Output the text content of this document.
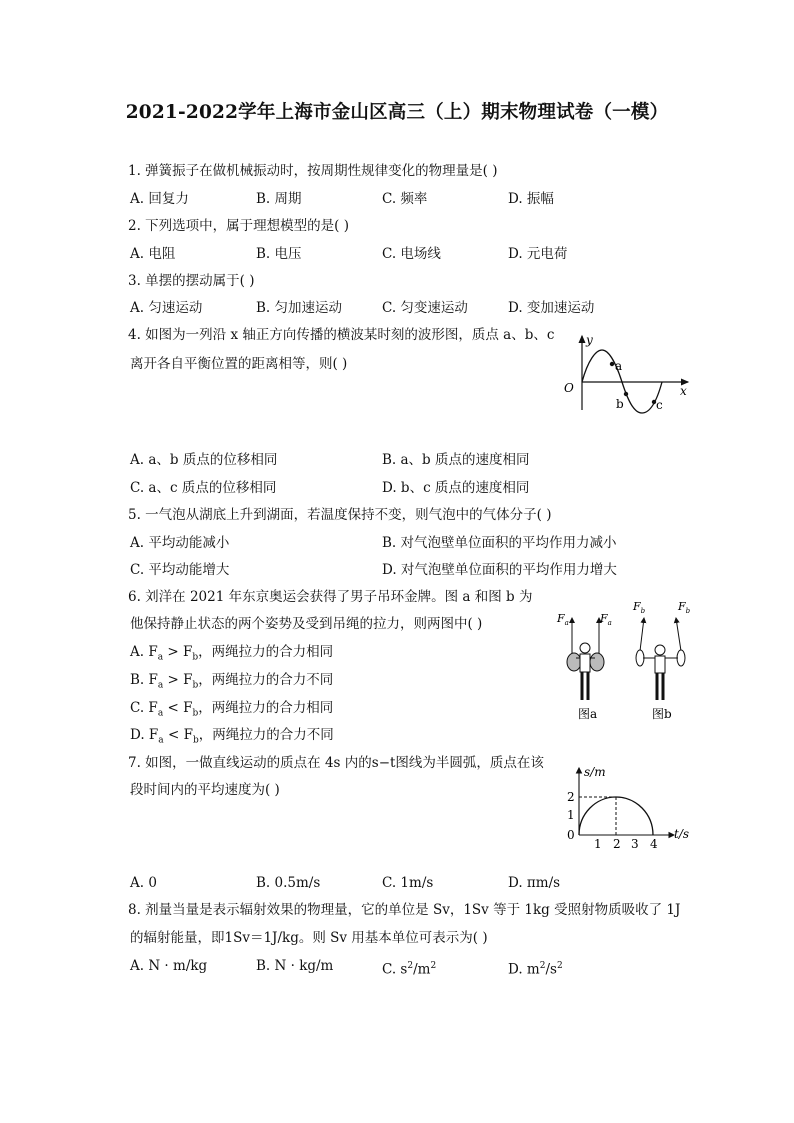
2021-2022学年上海市金山区高三（上）期末物理试卷（一模）
1. 弹簧振子在做机械振动时，按周期性规律变化的物理量是( )
A. 回复力	B. 周期	C. 频率	D. 振幅
2. 下列选项中，属于理想模型的是( )
A. 电阻	B. 电压	C. 电场线	D. 元电荷
3. 单摆的摆动属于( )
A. 匀速运动	B. 匀加速运动	C. 匀变速运动	D. 变加速运动
4. 如图为一列沿 x 轴正方向传播的横波某时刻的波形图，质点 a、b、c
离开各自平衡位置的距离相等，则( )
y
x
O
a
b	c
A. a、b 质点的位移相同	B. a、b 质点的速度相同
C. a、c 质点的位移相同	D. b、c 质点的速度相同
5. 一气泡从湖底上升到湖面，若温度保持不变，则气泡中的气体分子( )
A. 平均动能减小	B. 对气泡壁单位面积的平均作用力减小
C. 平均动能增大	D. 对气泡壁单位面积的平均作用力增大
6. 刘洋在 2021 年东京奥运会获得了男子吊环金牌。图 a 和图 b 为
他保持静止状态的两个姿势及受到吊绳的拉力，则两图中( )
A. $F_a > F_b$，两绳拉力的合力相同
B. $F_a > F_b$，两绳拉力的合力不同
C. $F_a < F_b$，两绳拉力的合力相同
D. $F_a < F_b$，两绳拉力的合力不同
$F_a$	$F_a$
$F_b$	$F_b$
图a	图b
7. 如图，一做直线运动的质点在 4s 内的s−t图线为半圆弧，质点在该
段时间内的平均速度为( )
s/m
t/s
2
1
0
1 2 3 4
A. 0	B. 0.5m/s	C. 1m/s	D. πm/s
8. 剂量当量是表示辐射效果的物理量，它的单位是 Sv，1Sv 等于 1kg 受照射物质吸收了 1J
的辐射能量，即1Sv＝1J/kg。则 Sv 用基本单位可表示为( )
A. N · m/kg	B. N · kg/m	C. $s^2/m^2$	D. $m^2/s^2$
